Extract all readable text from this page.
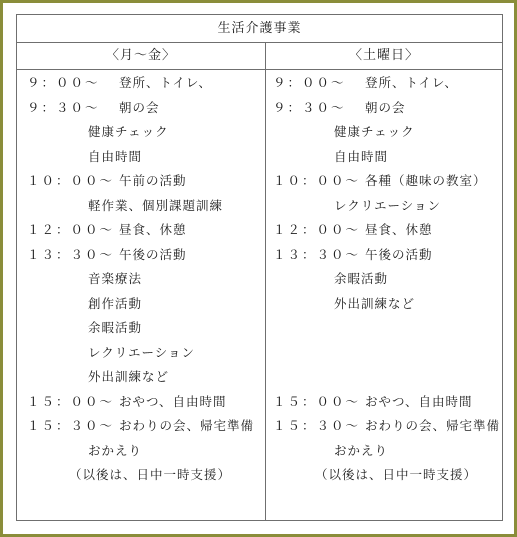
生活介護事業
〈月～金〉
９：００～ 登所、トイレ、
９：３０～ 朝の会
健康チェック
自由時間
１０：００～ 午前の活動
軽作業、個別課題訓練
１２：００～ 昼食、休憩
１３：３０～ 午後の活動
音楽療法
創作活動
余暇活動
レクリエーション
外出訓練など
１５：００～ おやつ、自由時間
１５：３０～ おわりの会、帰宅準備
おかえり
（以後は、日中一時支援）
〈土曜日〉
９：００～ 登所、トイレ、
９：３０～ 朝の会
健康チェック
自由時間
１０：００～ 各種（趣味の教室）
レクリエーション
１２：００～ 昼食、休憩
１３：３０～ 午後の活動
余暇活動
外出訓練など
１５：００～ おやつ、自由時間
１５：３０～ おわりの会、帰宅準備
おかえり
（以後は、日中一時支援）
